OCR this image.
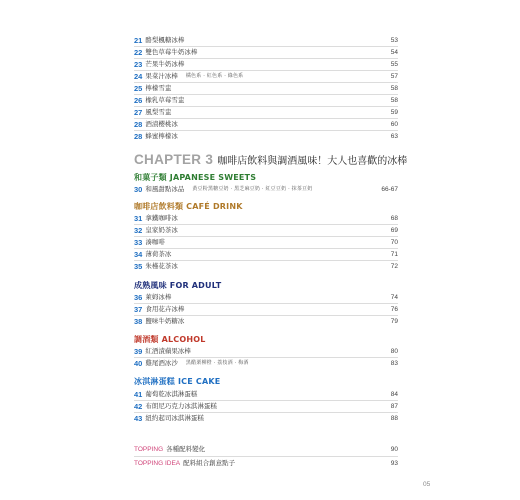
21 酪梨楓糖冰棒	53
22 雙色草莓牛奶冰棒	54
23 芒果牛奶冰棒	55
24 果菜汁冰棒 橘色系 · 紅色系 · 綠色系	57
25 檸檬雪盅	58
26 橡乳草莓雪盅	58
27 風梨雪盅	59
28 酒漬櫻桃冰	60
28 蜂蜜檸檬冰	63
CHAPTER 3 咖啡店飲料與調酒風味！大人也喜歡的冰棒
和菓子類 JAPANESE SWEETS
30 和風甜點冰品 黃豆粉黑糖豆奶 · 黑芝麻豆奶 · 紅豆豆奶 · 抹茶豆奶	66-67
咖啡店飲料類 CAFÉ DRINK
31 拿鐵咖啡冰	68
32 皇家奶茶冰	69
33 湊咖啡	70
34 薄荷茶冰	71
35 朱槿花茶冰	72
成熟風味 FOR ADULT
36 萊姆冰棒	74
37 食用花卉冰棒	76
38 鹽味牛奶糖冰	79
調酒類 ALCOHOL
39 紅酒漬蘋果冰棒	80
40 雞尾酒冰沙 黑醋栗柳橙 · 荔枝酒 · 梅酒	83
冰淇淋蛋糕 ICE CAKE
41 葡萄乾冰淇淋蛋糕	84
42 布朗尼巧克力冰淇淋蛋糕	87
43 紐約起司冰淇淋蛋糕	88
TOPPING 各種配料變化	90
TOPPING IDEA 配料組合創意點子	93
05
